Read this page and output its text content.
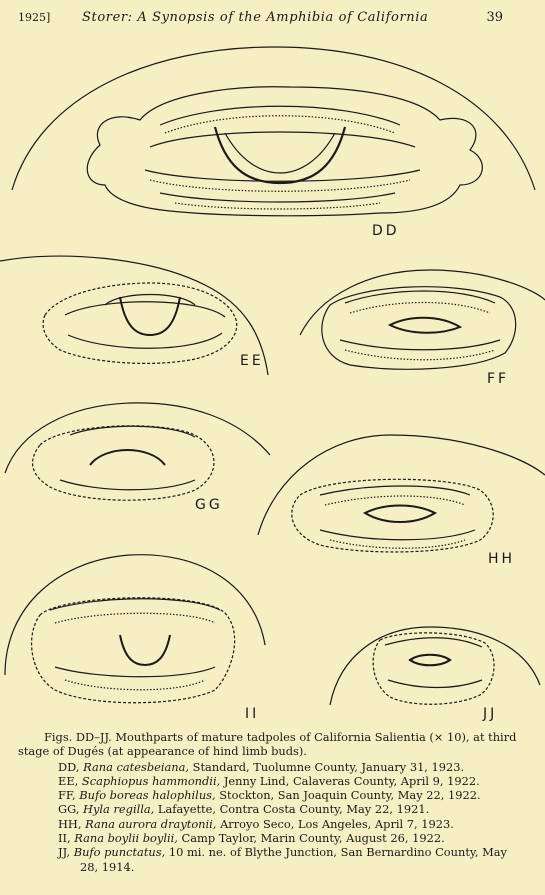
1925] Storer: A Synopsis of the Amphibia of California	39
DD
EE
FF
GG
HH
II	JJ

Figs. DD–JJ. Mouthparts of mature tadpoles of California Salientia (× 10), at third stage of Dugés (at appearance of hind limb buds).

DD, Rana catesbeiana, Standard, Tuolumne County, January 31, 1923.

EE, Scaphiopus hammondii, Jenny Lind, Calaveras County, April 9, 1922.

FF, Bufo boreas halophilus, Stockton, San Joaquin County, May 22, 1922.

GG, Hyla regilla, Lafayette, Contra Costa County, May 22, 1921.

HH, Rana aurora draytonii, Arroyo Seco, Los Angeles, April 7, 1923.

II, Rana boylii boylii, Camp Taylor, Marin County, August 26, 1922.

JJ, Bufo punctatus, 10 mi. ne. of Blythe Junction, San Bernardino County, May 28, 1914.
